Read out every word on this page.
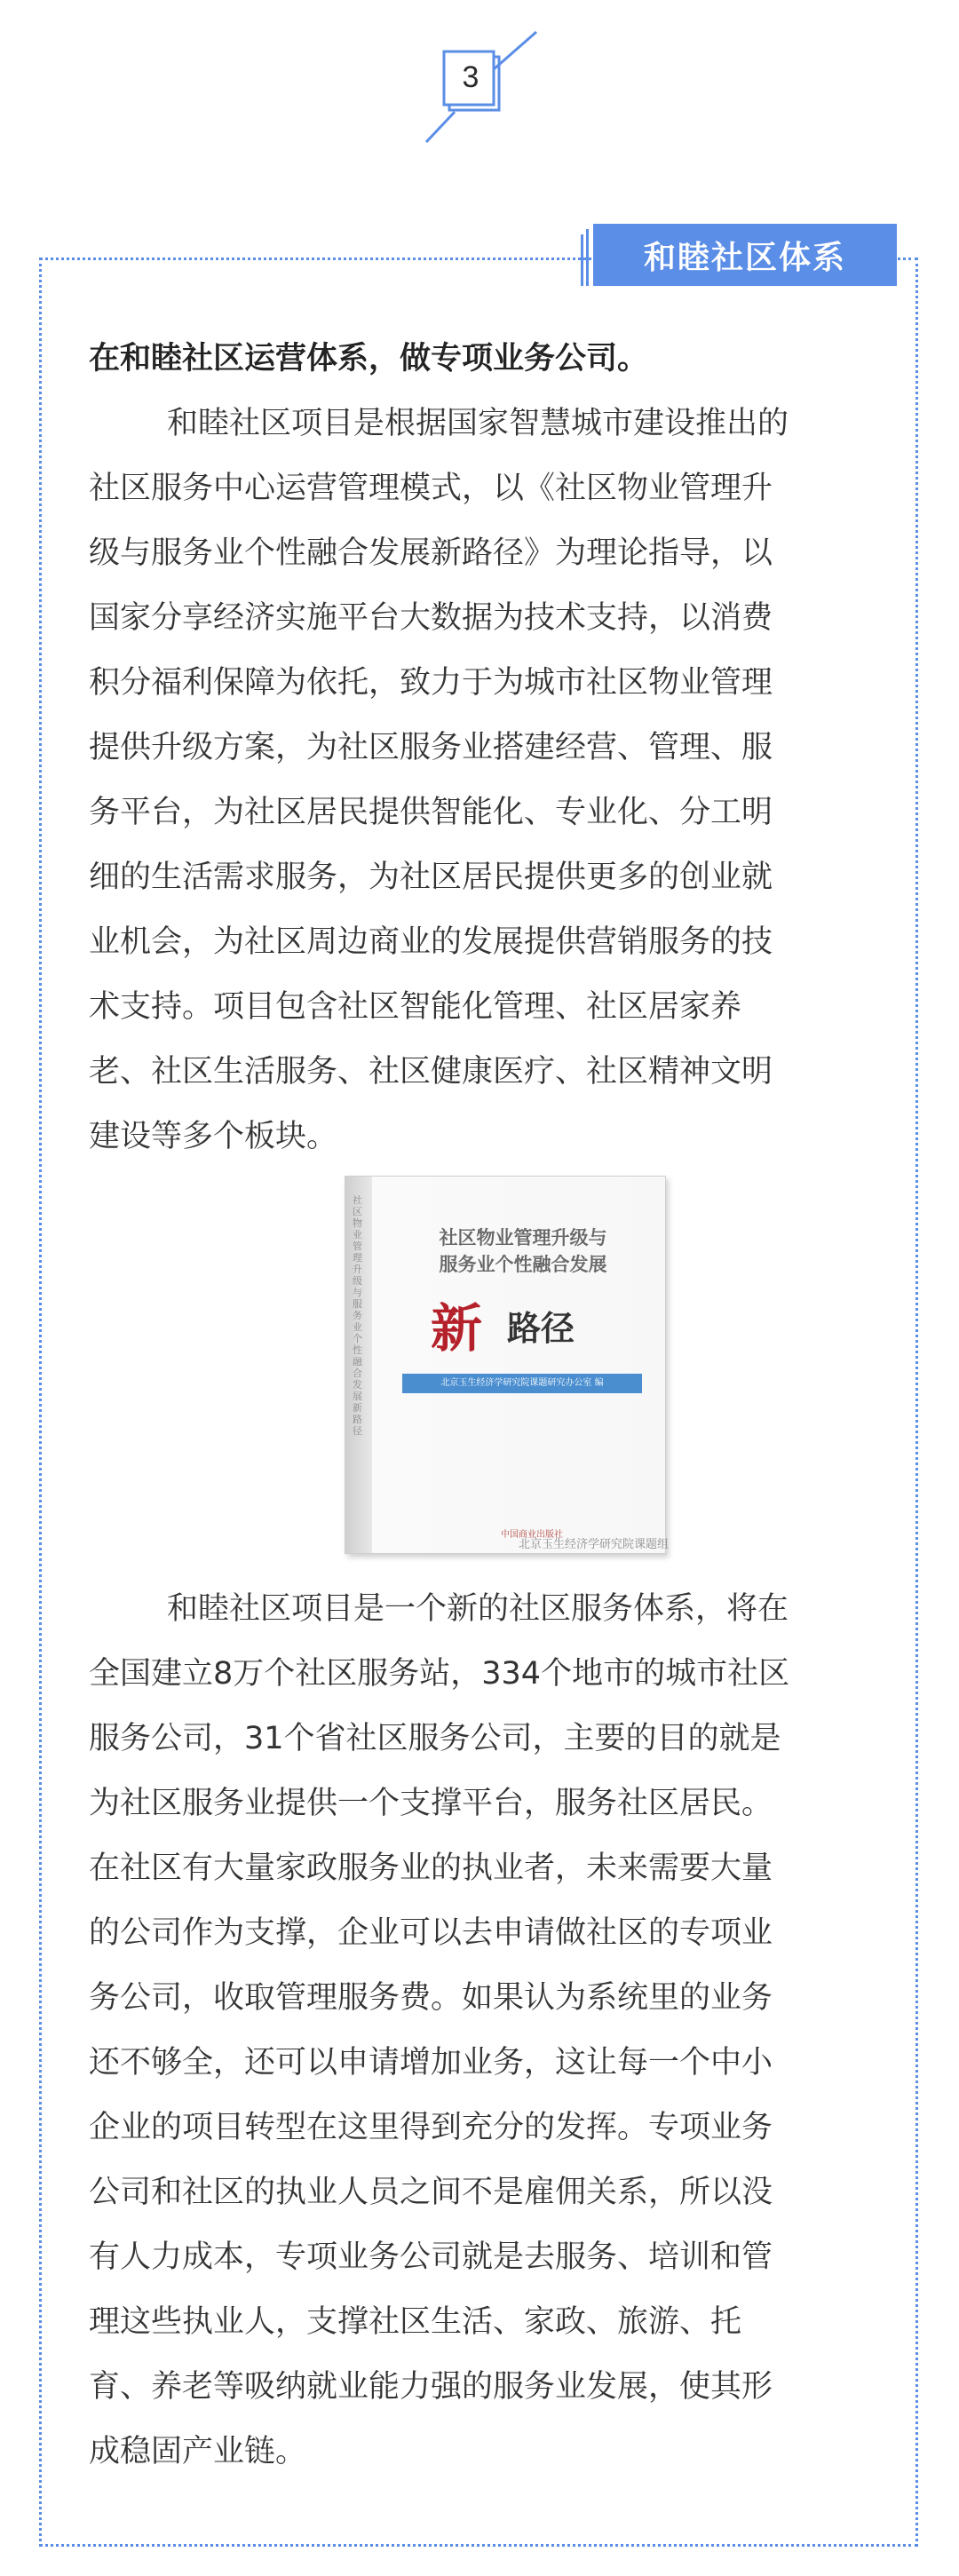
3
和睦社区体系
在和睦社区运营体系，做专项业务公司。
和睦社区项目是根据国家智慧城市建设推出的
社区服务中心运营管理模式，以《社区物业管理升
级与服务业个性融合发展新路径》为理论指导，以
国家分享经济实施平台大数据为技术支持，以消费
积分福利保障为依托，致力于为城市社区物业管理
提供升级方案，为社区服务业搭建经营、管理、服
务平台，为社区居民提供智能化、专业化、分工明
细的生活需求服务，为社区居民提供更多的创业就
业机会，为社区周边商业的发展提供营销服务的技
术支持。项目包含社区智能化管理、社区居家养
老、社区生活服务、社区健康医疗、社区精神文明
建设等多个板块。
社区物业管理升级与服务业个性融合发展新路径
社区物业管理升级与
服务业个性融合发展
新 路径
北京玉生经济学研究院课题研究办公室 编
中国商业出版社
北京玉生经济学研究院课题组
和睦社区项目是一个新的社区服务体系，将在
全国建立8万个社区服务站，334个地市的城市社区
服务公司，31个省社区服务公司，主要的目的就是
为社区服务业提供一个支撑平台，服务社区居民。
在社区有大量家政服务业的执业者，未来需要大量
的公司作为支撑，企业可以去申请做社区的专项业
务公司，收取管理服务费。如果认为系统里的业务
还不够全，还可以申请增加业务，这让每一个中小
企业的项目转型在这里得到充分的发挥。专项业务
公司和社区的执业人员之间不是雇佣关系，所以没
有人力成本，专项业务公司就是去服务、培训和管
理这些执业人，支撑社区生活、家政、旅游、托
育、养老等吸纳就业能力强的服务业发展，使其形
成稳固产业链。
